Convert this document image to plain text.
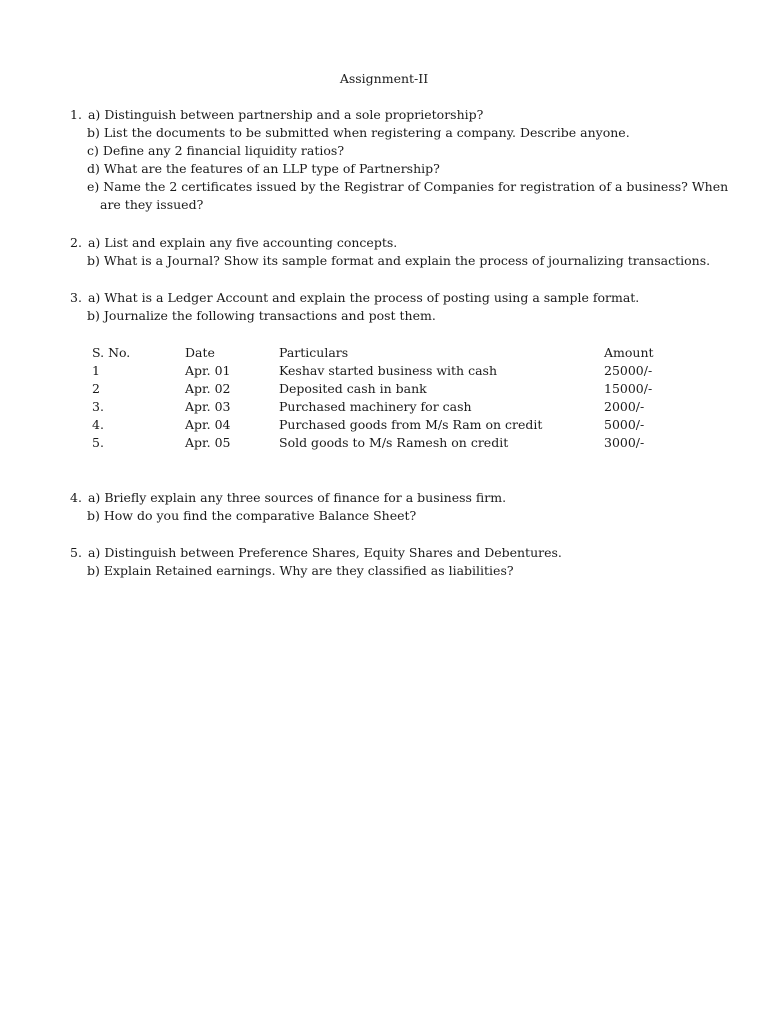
Assignment-II
1. a) Distinguish between partnership and a sole proprietorship?
b) List the documents to be submitted when registering a company. Describe anyone.
c) Define any 2 financial liquidity ratios?
d) What are the features of an LLP type of Partnership?
e) Name the 2 certificates issued by the Registrar of Companies for registration of a business? When
are they issued?
2. a) List and explain any five accounting concepts.
b) What is a Journal? Show its sample format and explain the process of journalizing transactions.
3. a) What is a Ledger Account and explain the process of posting using a sample format.
b) Journalize the following transactions and post them.
S. No.	Date	Particulars	Amount
1	Apr. 01	Keshav started business with cash	25000/-
2	Apr. 02	Deposited cash in bank	15000/-
3.	Apr. 03	Purchased machinery for cash	2000/-
4.	Apr. 04	Purchased goods from M/s Ram on credit	5000/-
5.	Apr. 05	Sold goods to M/s Ramesh on credit	3000/-
4. a) Briefly explain any three sources of finance for a business firm.
b) How do you find the comparative Balance Sheet?
5. a) Distinguish between Preference Shares, Equity Shares and Debentures.
b) Explain Retained earnings. Why are they classified as liabilities?
